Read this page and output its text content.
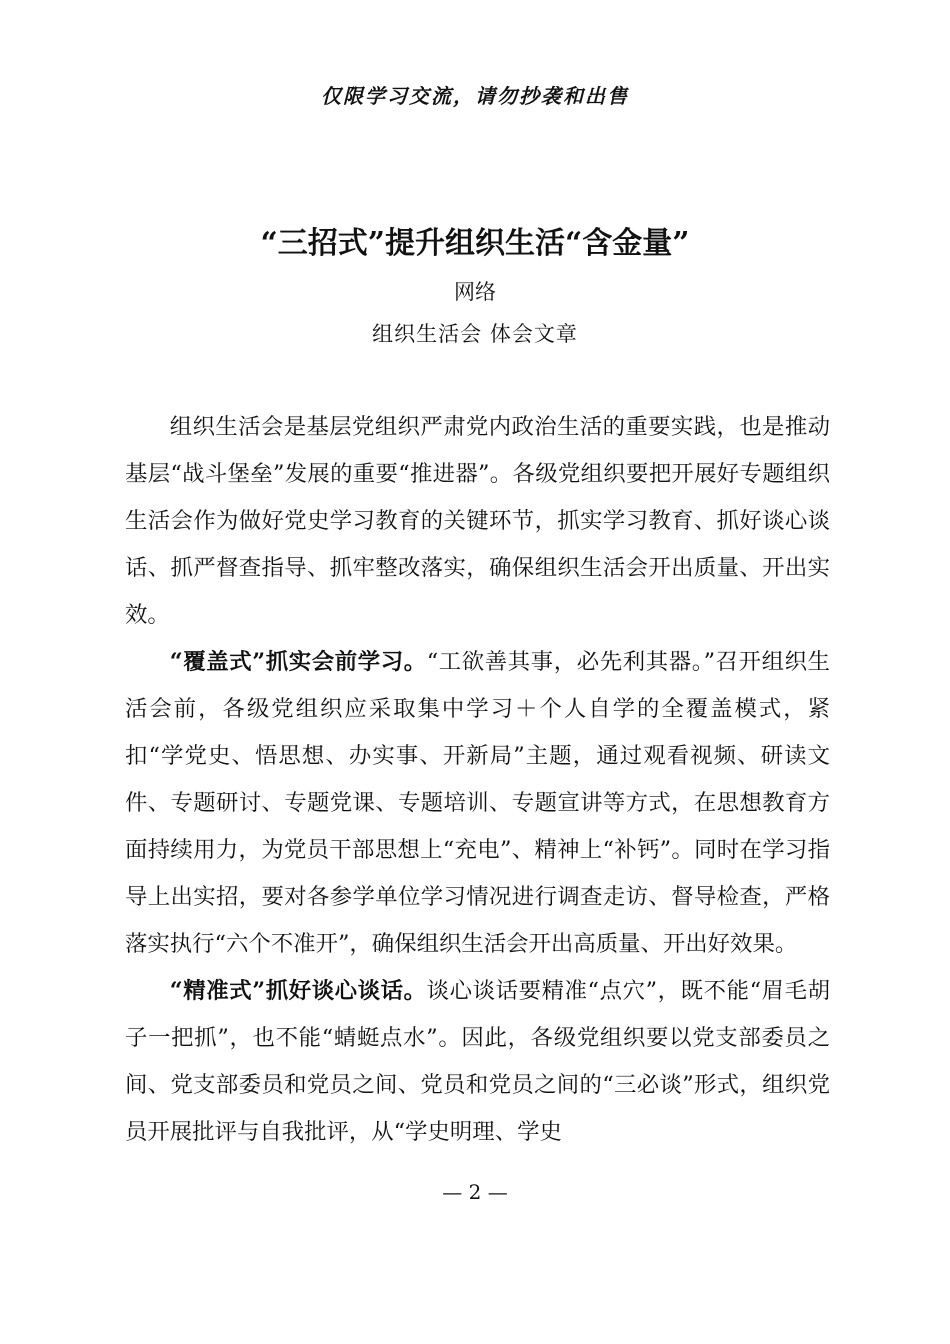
仅限学习交流，请勿抄袭和出售
“三招式”提升组织生活“含金量”
网络
组织生活会 体会文章

组织生活会是基层党组织严肃党内政治生活的重要实践，也是推动基层“战斗堡垒”发展的重要“推进器”。各级党组织要把开展好专题组织生活会作为做好党史学习教育的关键环节，抓实学习教育、抓好谈心谈话、抓严督查指导、抓牢整改落实，确保组织生活会开出质量、开出实效。

“覆盖式”抓实会前学习。“工欲善其事，必先利其器。”召开组织生活会前，各级党组织应采取集中学习＋个人自学的全覆盖模式，紧扣“学党史、悟思想、办实事、开新局”主题，通过观看视频、研读文件、专题研讨、专题党课、专题培训、专题宣讲等方式，在思想教育方面持续用力，为党员干部思想上“充电”、精神上“补钙”。同时在学习指导上出实招，要对各参学单位学习情况进行调查走访、督导检查，严格落实执行“六个不准开”，确保组织生活会开出高质量、开出好效果。

“精准式”抓好谈心谈话。谈心谈话要精准“点穴”，既不能“眉毛胡子一把抓”，也不能“蜻蜓点水”。因此，各级党组织要以党支部委员之间、党支部委员和党员之间、党员和党员之间的“三必谈”形式，组织党员开展批评与自我批评，从“学史明理、学史

— 2 —
